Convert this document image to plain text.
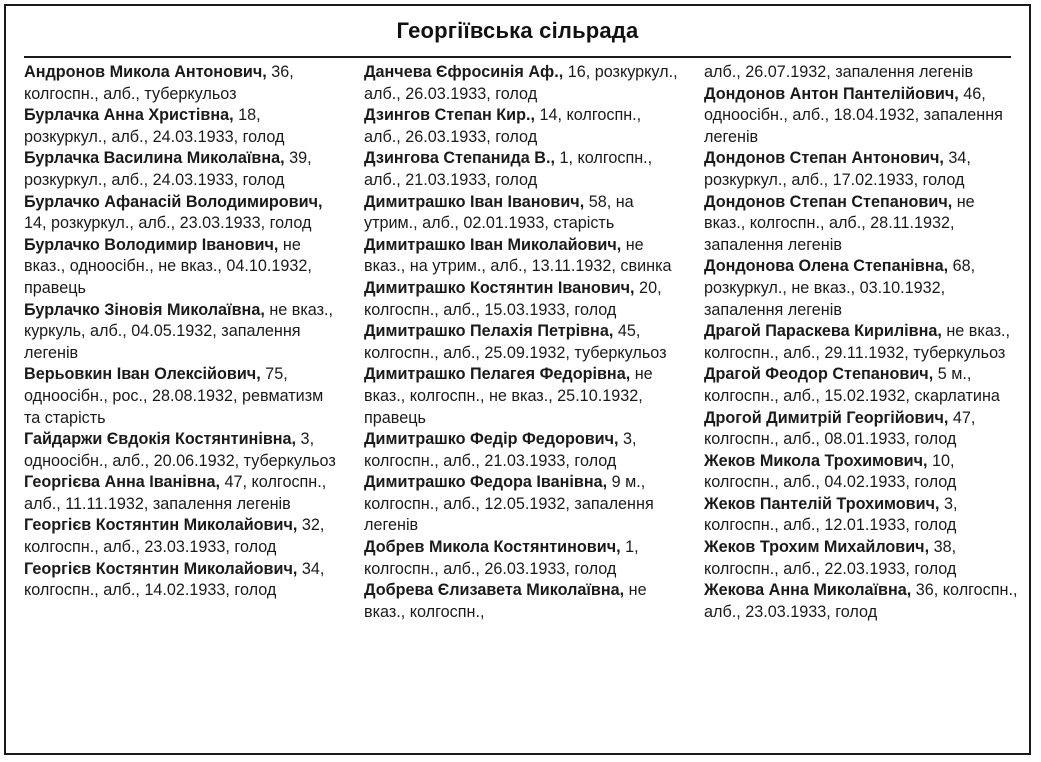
Георгіївська сільрада

Андронов Микола Антонович, 36, колгоспн., алб., туберкульоз

Бурлачка Анна Христівна, 18, розкуркул., алб., 24.03.1933, голод

Бурлачка Василина Миколаївна, 39, розкуркул., алб., 24.03.1933, голод

Бурлачко Афанасій Володимирович, 14, розкуркул., алб., 23.03.1933, голод

Бурлачко Володимир Іванович, не вказ., одноосібн., не вказ., 04.10.1932, правець

Бурлачко Зіновія Миколаївна, не вказ., куркуль, алб., 04.05.1932, запалення легенів

Верьовкин Іван Олексійович, 75, одноосібн., рос., 28.08.1932, ревматизм та старість

Гайдаржи Євдокія Костянтинівна, 3, одноосібн., алб., 20.06.1932, туберкульоз

Георгієва Анна Іванівна, 47, колгоспн., алб., 11.11.1932, запалення легенів

Георгієв Костянтин Миколайович, 32, колгоспн., алб., 23.03.1933, голод

Георгієв Костянтин Миколайович, 34, колгоспн., алб., 14.02.1933, голод

Данчева Єфросинія Аф., 16, розкуркул., алб., 26.03.1933, голод

Дзингов Степан Кир., 14, колгоспн., алб., 26.03.1933, голод

Дзингова Степанида В., 1, колгоспн., алб., 21.03.1933, голод

Димитрашко Іван Іванович, 58, на утрим., алб., 02.01.1933, старість

Димитрашко Іван Миколайович, не вказ., на утрим., алб., 13.11.1932, свинка

Димитрашко Костянтин Іванович, 20, колгоспн., алб., 15.03.1933, голод

Димитрашко Пелахія Петрівна, 45, колгоспн., алб., 25.09.1932, туберкульоз

Димитрашко Пелагея Федорівна, не вказ., колгоспн., не вказ., 25.10.1932, правець

Димитрашко Федір Федорович, 3, колгоспн., алб., 21.03.1933, голод

Димитрашко Федора Іванівна, 9 м., колгоспн., алб., 12.05.1932, запалення легенів

Добрев Микола Костянтинович, 1, колгоспн., алб., 26.03.1933, голод

Добрева Єлизавета Миколаївна, не вказ., колгоспн.,

алб., 26.07.1932, запалення легенів

Дондонов Антон Пантелійович, 46, одноосібн., алб., 18.04.1932, запалення легенів

Дондонов Степан Антонович, 34, розкуркул., алб., 17.02.1933, голод

Дондонов Степан Степанович, не вказ., колгоспн., алб., 28.11.1932, запалення легенів

Дондонова Олена Степанівна, 68, розкуркул., не вказ., 03.10.1932, запалення легенів

Драгой Параскева Кирилівна, не вказ., колгоспн., алб., 29.11.1932, туберкульоз

Драгой Феодор Степанович, 5 м., колгоспн., алб., 15.02.1932, скарлатина

Дрогой Димитрій Георгійович, 47, колгоспн., алб., 08.01.1933, голод

Жеков Микола Трохимович, 10, колгоспн., алб., 04.02.1933, голод

Жеков Пантелій Трохимович, 3, колгоспн., алб., 12.01.1933, голод

Жеков Трохим Михайлович, 38, колгоспн., алб., 22.03.1933, голод

Жекова Анна Миколаївна, 36, колгоспн., алб., 23.03.1933, голод
